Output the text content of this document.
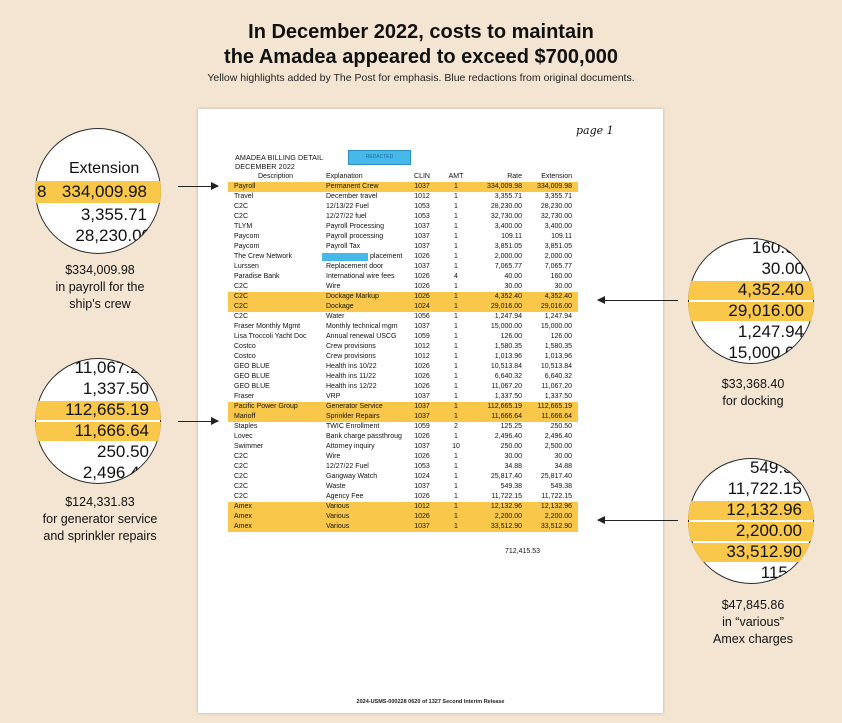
In December 2022, costs to maintain
the Amadea appeared to exceed $700,000
Yellow highlights added by The Post for emphasis. Blue redactions from original documents.
page 1
AMADEA BILLING DETAIL
DECEMBER 2022
REDACTED
Description	Explanation	CLIN	AMT	Rate	Extension
Payroll	Permanent Crew	1037	1	334,009.98	334,009.98
Travel	December travel	1012	1	3,355.71	3,355.71
C2C	12/13/22 Fuel	1053	1	28,230.00	28,230.00
C2C	12/27/22 fuel	1053	1	32,730.00	32,730.00
TLYM	Payroll Processing	1037	1	3,400.00	3,400.00
Paycom	Payroll processing	1037	1	109.11	109.11
Paycom	Payroll Tax	1037	1	3,851.05	3,851.05
The Crew Network	placement	1026	1	2,000.00	2,000.00
Lurssen	Replacement door	1037	1	7,065.77	7,065.77
Paradise Bank	International wire fees	1026	4	40.00	160.00
C2C	Wire	1026	1	30.00	30.00
C2C	Dockage Markup	1026	1	4,352.40	4,352.40
C2C	Dockage	1024	1	29,016.00	29,016.00
C2C	Water	1056	1	1,247.94	1,247.94
Fraser Monthly Mgmt	Monthly technical mgm	1037	1	15,000.00	15,000.00
Lisa Troccoli Yacht Doc	Annual renewal USCG	1059	1	126.00	126.00
Costco	Crew provisions	1012	1	1,580.35	1,580.35
Costco	Crew provisions	1012	1	1,013.96	1,013.96
GEO BLUE	Health ins 10/22	1026	1	10,513.84	10,513.84
GEO BLUE	Health ins 11/22	1026	1	6,640.32	6,640.32
GEO BLUE	Health ins 12/22	1026	1	11,067.20	11,067.20
Fraser	VRP	1037	1	1,337.50	1,337.50
Pacific Power Group	Generator Service	1037	1	112,665.19	112,665.19
Marioff	Sprinkler Repairs	1037	1	11,666.64	11,666.64
Staples	TWIC Enrollment	1059	2	125.25	250.50
Lovec	Bank charge passthroug	1026	1	2,496.40	2,496.40
Swimmer	Attorney inquiry	1037	10	250.00	2,500.00
C2C	Wire	1026	1	30.00	30.00
C2C	12/27/22 Fuel	1053	1	34.88	34.88
C2C	Gangway Watch	1024	1	25,817.40	25,817.40
C2C	Waste	1037	1	549.38	549.38
C2C	Agency Fee	1026	1	11,722.15	11,722.15
Amex	Various	1012	1	12,132.96	12,132.96
Amex	Various	1026	1	2,200.00	2,200.00
Amex	Various	1037	1	33,512.90	33,512.90
2024-USMS-000228 0620 of 1327 Second Interim Release
712,415.53
Extension
8 334,009.98
3,355.71
28,230.00
$334,009.98
in payroll for the
ship's crew
11,067.20
1,337.50
112,665.19
11,666.64
250.50
2,496.40
$124,331.83
for generator service
and sprinkler repairs
160.00
30.00
4,352.40
29,016.00
1,247.94
15,000.00
$33,368.40
for docking
549.38
11,722.15
12,132.96
2,200.00
33,512.90
115.5
$47,845.86
in “various”
Amex charges
